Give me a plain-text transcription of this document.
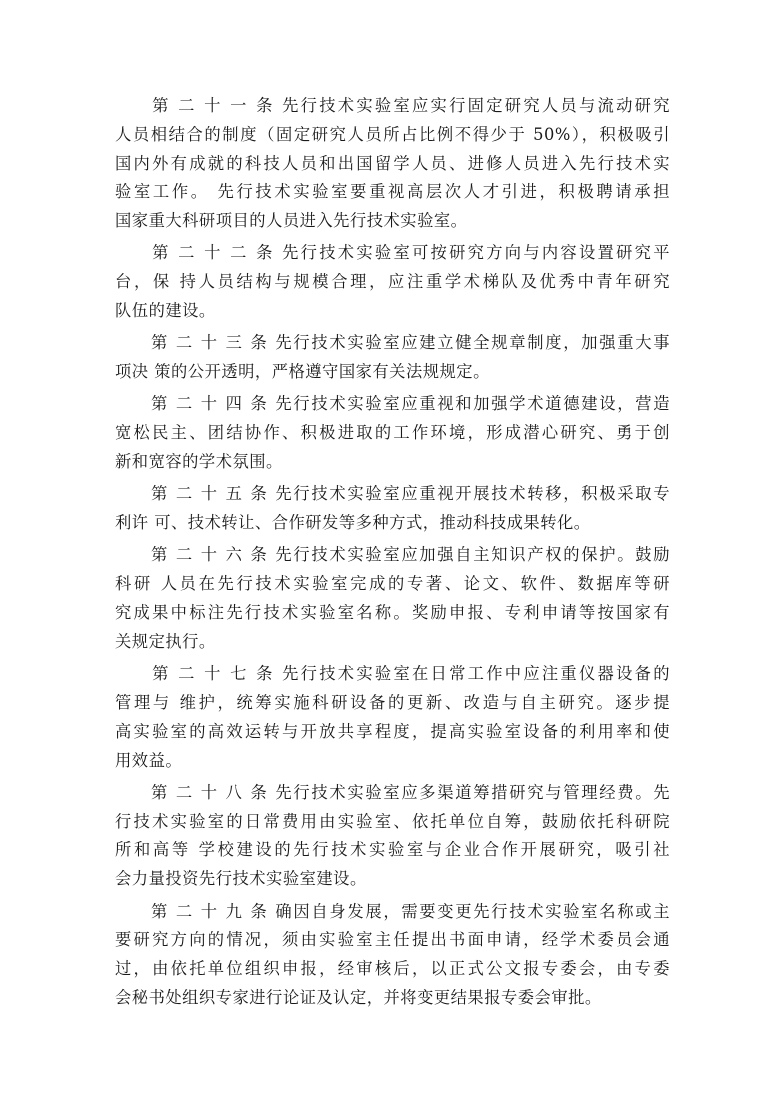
　　第 二 十 一 条 先行技术实验室应实行固定研究人员与流动研究
人员相结合的制度（固定研究人员所占比例不得少于 50%），积极吸引
国内外有成就的科技人员和出国留学人员、进修人员进入先行技术实
验室工作。 先行技术实验室要重视高层次人才引进，积极聘请承担
国家重大科研项目的人员进入先行技术实验室。
　　第 二 十 二 条 先行技术实验室可按研究方向与内容设置研究平
台，保 持人员结构与规模合理，应注重学术梯队及优秀中青年研究
队伍的建设。
　　第 二 十 三 条 先行技术实验室应建立健全规章制度，加强重大事
项决 策的公开透明，严格遵守国家有关法规规定。
　　第 二 十 四 条 先行技术实验室应重视和加强学术道德建设，营造
宽松民主、团结协作、积极进取的工作环境，形成潜心研究、勇于创
新和宽容的学术氛围。
　　第 二 十 五 条 先行技术实验室应重视开展技术转移，积极采取专
利许 可、技术转让、合作研发等多种方式，推动科技成果转化。
　　第 二 十 六 条 先行技术实验室应加强自主知识产权的保护。鼓励
科研 人员在先行技术实验室完成的专著、论文、软件、数据库等研
究成果中标注先行技术实验室名称。奖励申报、专利申请等按国家有
关规定执行。
　　第 二 十 七 条 先行技术实验室在日常工作中应注重仪器设备的
管理与 维护，统筹实施科研设备的更新、改造与自主研究。逐步提
高实验室的高效运转与开放共享程度，提高实验室设备的利用率和使
用效益。
　　第 二 十 八 条 先行技术实验室应多渠道筹措研究与管理经费。先
行技术实验室的日常费用由实验室、依托单位自筹，鼓励依托科研院
所和高等 学校建设的先行技术实验室与企业合作开展研究，吸引社
会力量投资先行技术实验室建设。
　　第 二 十 九 条 确因自身发展，需要变更先行技术实验室名称或主
要研究方向的情况，须由实验室主任提出书面申请，经学术委员会通
过，由依托单位组织申报，经审核后，以正式公文报专委会，由专委
会秘书处组织专家进行论证及认定，并将变更结果报专委会审批。
